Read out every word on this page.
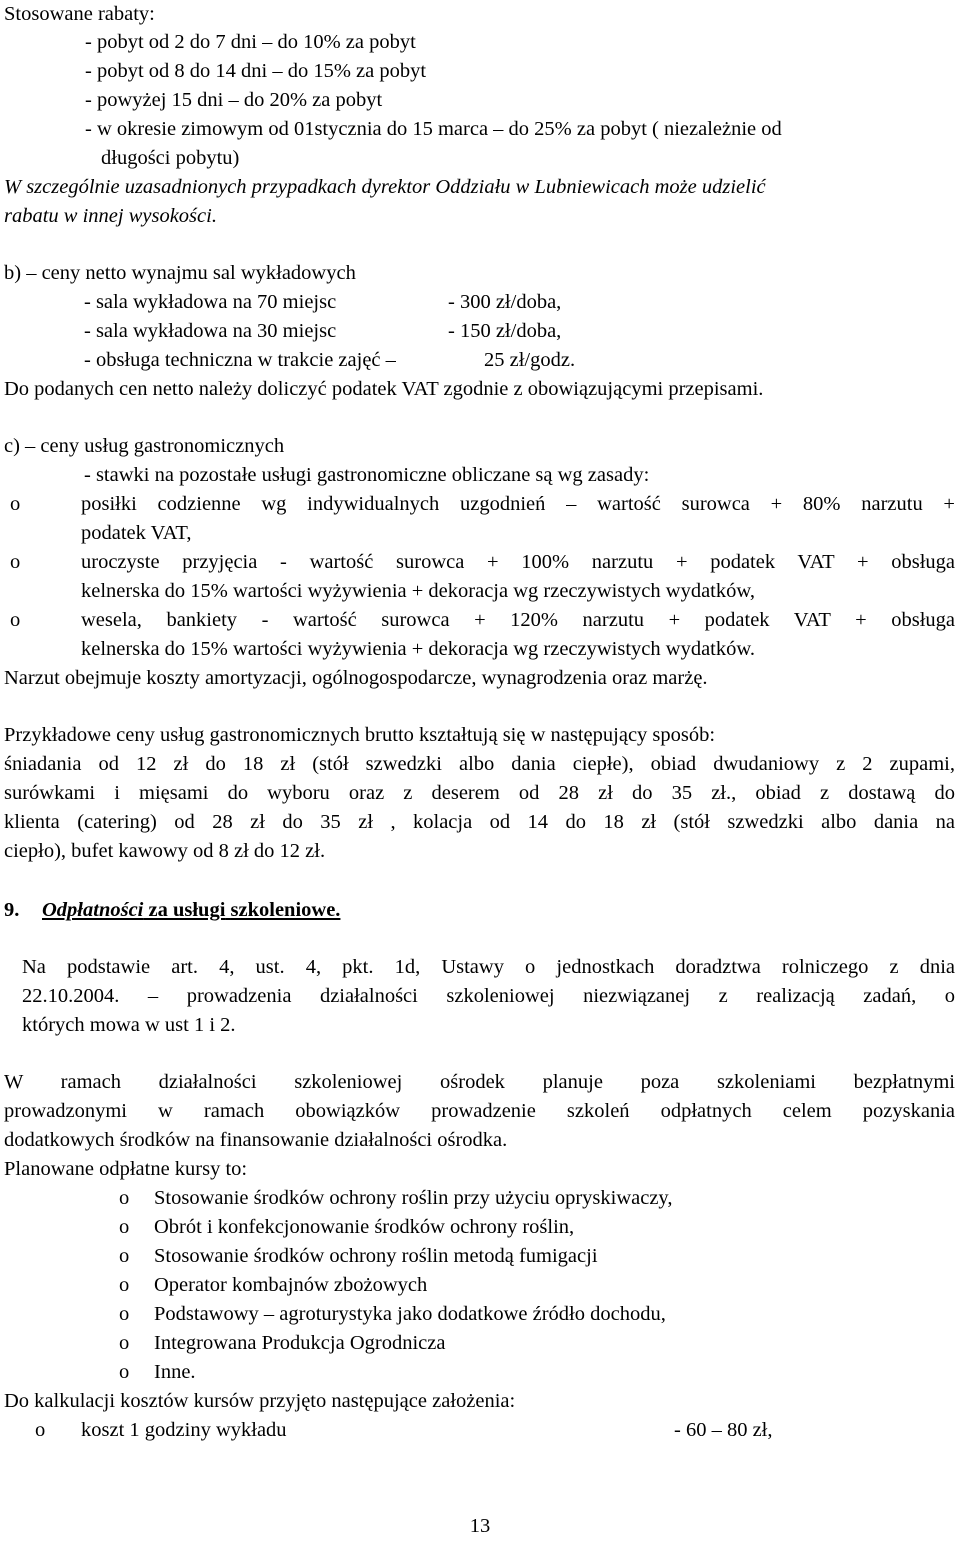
Stosowane rabaty:
- pobyt od 2 do 7 dni – do 10% za pobyt
- pobyt od 8 do 14 dni – do 15% za pobyt
- powyżej 15 dni – do 20% za pobyt
- w okresie zimowym od 01stycznia do 15 marca – do 25% za pobyt ( niezależnie od
długości pobytu)
W szczególnie uzasadnionych przypadkach dyrektor Oddziału w Lubniewicach może udzielić
rabatu w innej wysokości.
b) – ceny netto wynajmu sal wykładowych
- sala wykładowa na 70 miejsc	- 300 zł/doba,
- sala wykładowa na 30 miejsc	- 150 zł/doba,
- obsługa techniczna w trakcie zajęć –	25 zł/godz.
Do podanych cen netto należy doliczyć podatek VAT zgodnie z obowiązującymi przepisami.
c) – ceny usług gastronomicznych
- stawki na pozostałe usługi gastronomiczne obliczane są wg zasady:
o	posiłki codzienne wg indywidualnych uzgodnień – wartość surowca + 80% narzutu +
podatek VAT,
o	uroczyste przyjęcia - wartość surowca + 100% narzutu + podatek VAT + obsługa
kelnerska do 15% wartości wyżywienia + dekoracja wg rzeczywistych wydatków,
o	wesela, bankiety - wartość surowca + 120% narzutu + podatek VAT + obsługa
kelnerska do 15% wartości wyżywienia + dekoracja wg rzeczywistych wydatków.
Narzut obejmuje koszty amortyzacji, ogólnogospodarcze, wynagrodzenia oraz marżę.
Przykładowe ceny usług gastronomicznych brutto kształtują się w następujący sposób:
śniadania od 12 zł do 18 zł (stół szwedzki albo dania ciepłe), obiad dwudaniowy z 2 zupami,
surówkami i mięsami do wyboru oraz z deserem od 28 zł do 35 zł., obiad z dostawą do
klienta (catering) od 28 zł do 35 zł , kolacja od 14 do 18 zł (stół szwedzki albo dania na
ciepło), bufet kawowy od 8 zł do 12 zł.
9. Odpłatności za usługi szkoleniowe.
Na podstawie art. 4, ust. 4, pkt. 1d, Ustawy o jednostkach doradztwa rolniczego z dnia
22.10.2004. – prowadzenia działalności szkoleniowej niezwiązanej z realizacją zadań, o
których mowa w ust 1 i 2.
W ramach działalności szkoleniowej ośrodek planuje poza szkoleniami bezpłatnymi
prowadzonymi w ramach obowiązków prowadzenie szkoleń odpłatnych celem pozyskania
dodatkowych środków na finansowanie działalności ośrodka.
Planowane odpłatne kursy to:
o Stosowanie środków ochrony roślin przy użyciu opryskiwaczy,
o Obrót i konfekcjonowanie środków ochrony roślin,
o Stosowanie środków ochrony roślin metodą fumigacji
o Operator kombajnów zbożowych
o Podstawowy – agroturystyka jako dodatkowe źródło dochodu,
o Integrowana Produkcja Ogrodnicza
o Inne.
Do kalkulacji kosztów kursów przyjęto następujące założenia:
o koszt 1 godziny wykładu	- 60 – 80 zł,
13
